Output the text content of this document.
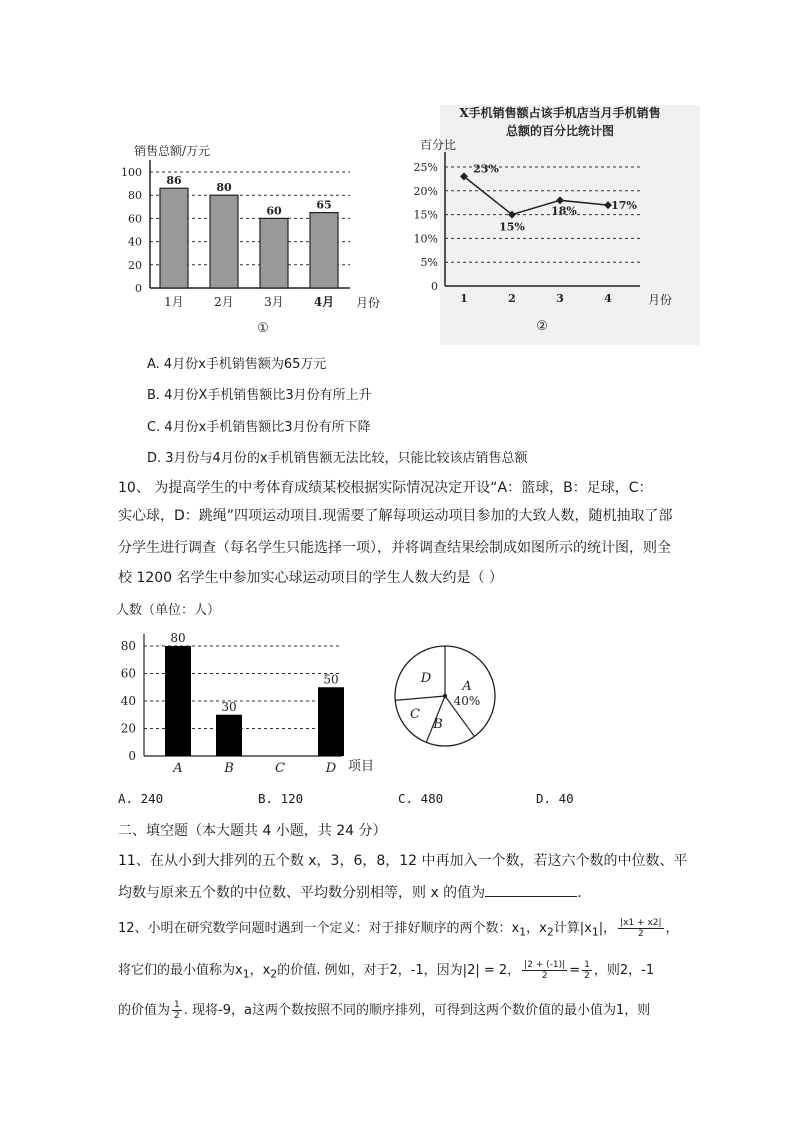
销售总额/万元
0
20
40
60
80
100
86
1月
80
2月
60
3月
65
4月 月份
①
X手机销售额占该手机店当月手机销售
总额的百分比统计图
百分比
0
5%
10%
15%
20%
25%	23%
1
15%
2
18%
3
17%
4	月份
②
A. 4月份x手机销售额为65万元
B. 4月份X手机销售额比3月份有所上升
C. 4月份x手机销售额比3月份有所下降
D. 3月份与4月份的x手机销售额无法比较，只能比较该店销售总额
10、 为提高学生的中考体育成绩某校根据实际情况决定开设“A：篮球，B：足球，C：
实心球，D：跳绳”四项运动项目.现需要了解每项运动项目参加的大致人数，随机抽取了部
分学生进行调查（每名学生只能选择一项），并将调查结果绘制成如图所示的统计图，则全
校 1200 名学生中参加实心球运动项目的学生人数大约是（ ）
人数（单位：人）
0
20
40
60
80
80
A
30
B	C
50
D 项目
A
40%
B
C
D
A. 240	B. 120	C. 480	D. 40
二、填空题（本大题共 4 小题，共 24 分）
11、在从小到大排列的五个数 x，3，6，8，12 中再加入一个数，若这六个数的中位数、平
均数与原来五个数的中位数、平均数分别相等，则 x 的值为	.
12、小明在研究数学问题时遇到一个定义：对于排好顺序的两个数：$x_1$，$x_2$计算$|x_1|$， $\frac{|x1 + x2|}{2}$ ，
将它们的最小值称为$x_1$，$x_2$的价值. 例如，对于2，-1，因为|2| = 2， $\frac{|2 + (-1)|}{2} = \frac{1}{2}$ ，则2，-1
的价值为 $\frac{1}{2}$ . 现将-9，a这两个数按照不同的顺序排列，可得到这两个数价值的最小值为1，则
